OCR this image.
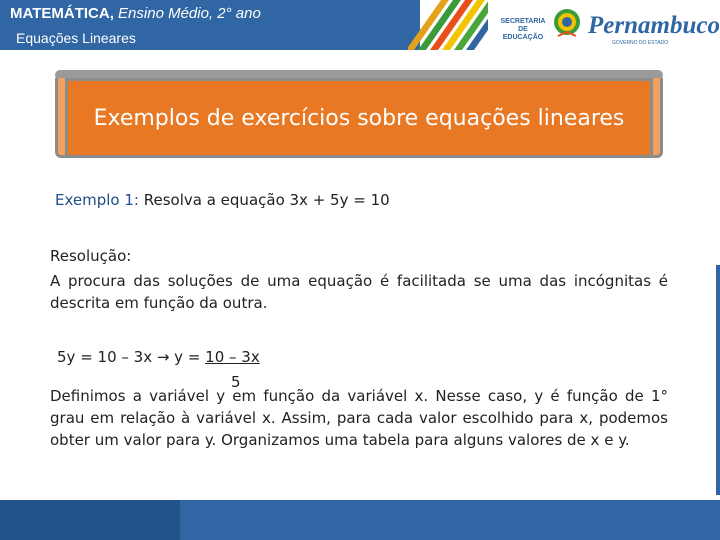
MATEMÁTICA, Ensino Médio, 2° ano
Equações Lineares
SECRETARIA DE EDUCAÇÃO Pernambuco
GOVERNO DO ESTADO
Exemplos de exercícios sobre equações lineares
Exemplo 1: Resolva a equação 3x + 5y = 10
Resolução:
A procura das soluções de uma equação é facilitada se uma das incógnitas é descrita em função da outra.
5y = 10 – 3x → y = 10 – 3x
5
Definimos a variável y em função da variável x. Nesse caso, y é função de 1° grau em relação à variável x. Assim, para cada valor escolhido para x, podemos obter um valor para y. Organizamos uma tabela para alguns valores de x e y.
